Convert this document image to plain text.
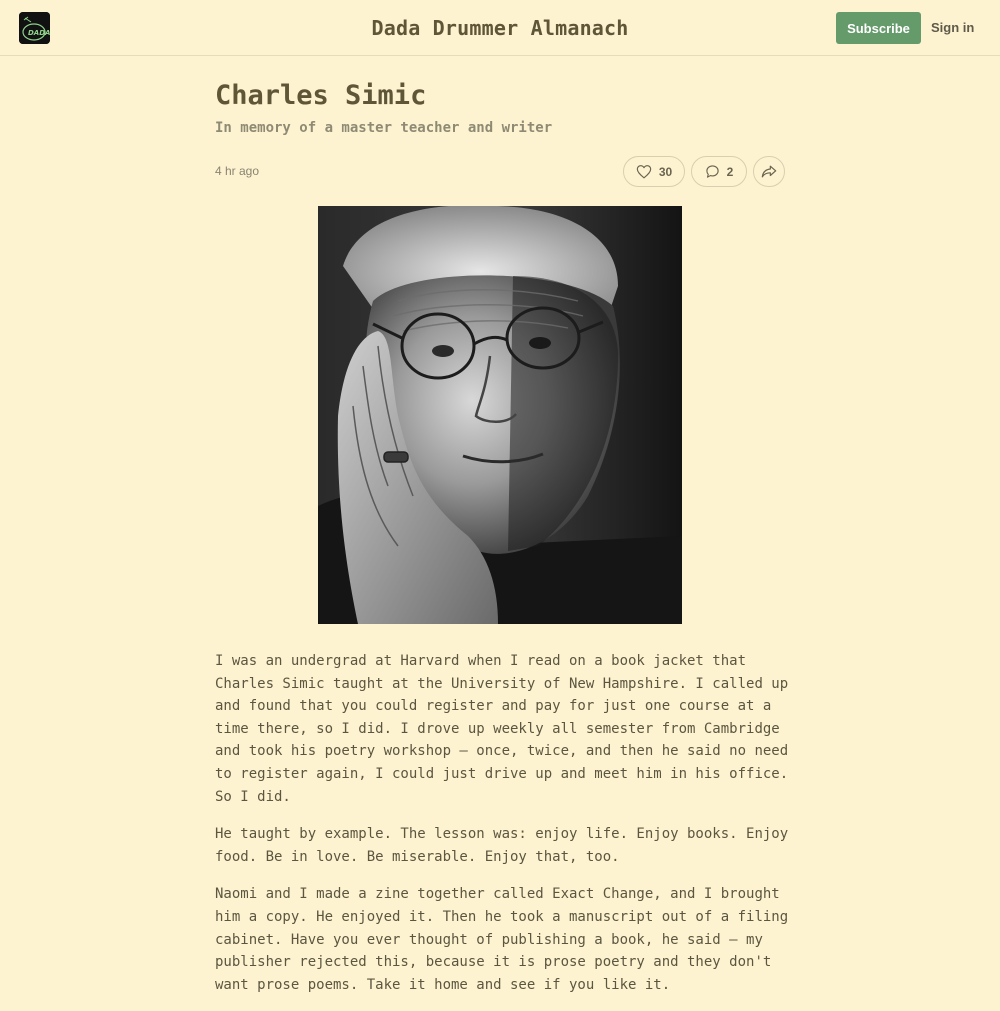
DADA	Dada Drummer Almanach	Subscribe	Sign in
Charles Simic
In memory of a master teacher and writer
4 hr ago	30	2

I was an undergrad at Harvard when I read on a book jacket that Charles Simic taught at the University of New Hampshire. I called up and found that you could register and pay for just one course at a time there, so I did. I drove up weekly all semester from Cambridge and took his poetry workshop — once, twice, and then he said no need to register again, I could just drive up and meet him in his office. So I did.

He taught by example. The lesson was: enjoy life. Enjoy books. Enjoy food. Be in love. Be miserable. Enjoy that, too.

Naomi and I made a zine together called Exact Change, and I brought him a copy. He enjoyed it. Then he took a manuscript out of a filing cabinet. Have you ever thought of publishing a book, he said — my publisher rejected this, because it is prose poetry and they don't want prose poems. Take it home and see if you like it.
